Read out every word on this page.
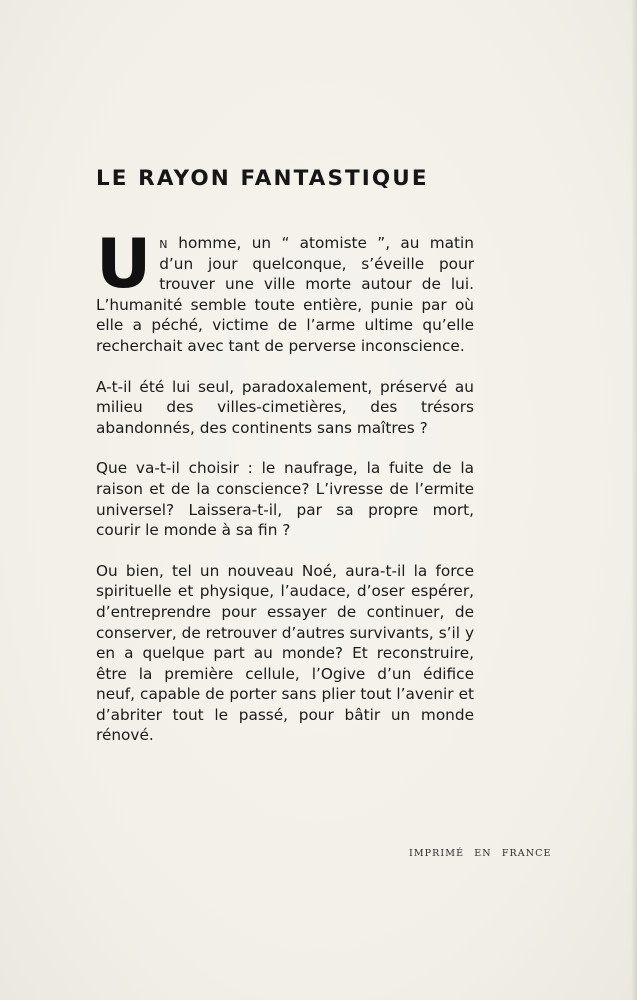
LE RAYON FANTASTIQUE

Un homme, un “ atomiste ”, au matin d’un jour quelconque, s’éveille pour trouver une ville morte autour de lui. L’humanité semble toute entière, punie par où elle a péché, victime de l’arme ultime qu’elle recherchait avec tant de perverse inconscience.

A-t-il été lui seul, paradoxalement, préservé au milieu des villes-cimetières, des trésors abandonnés, des continents sans maîtres ?

Que va-t-il choisir : le naufrage, la fuite de la raison et de la conscience? L’ivresse de l’ermite universel? Laissera-t-il, par sa propre mort, courir le monde à sa fin ?

Ou bien, tel un nouveau Noé, aura-t-il la force spirituelle et physique, l’audace, d’oser espérer, d’entreprendre pour essayer de continuer, de conserver, de retrouver d’autres survivants, s’il y en a quelque part au monde? Et reconstruire, être la première cellule, l’Ogive d’un édifice neuf, capable de porter sans plier tout l’avenir et d’abriter tout le passé, pour bâtir un monde rénové.

IMPRIMÉ EN FRANCE
